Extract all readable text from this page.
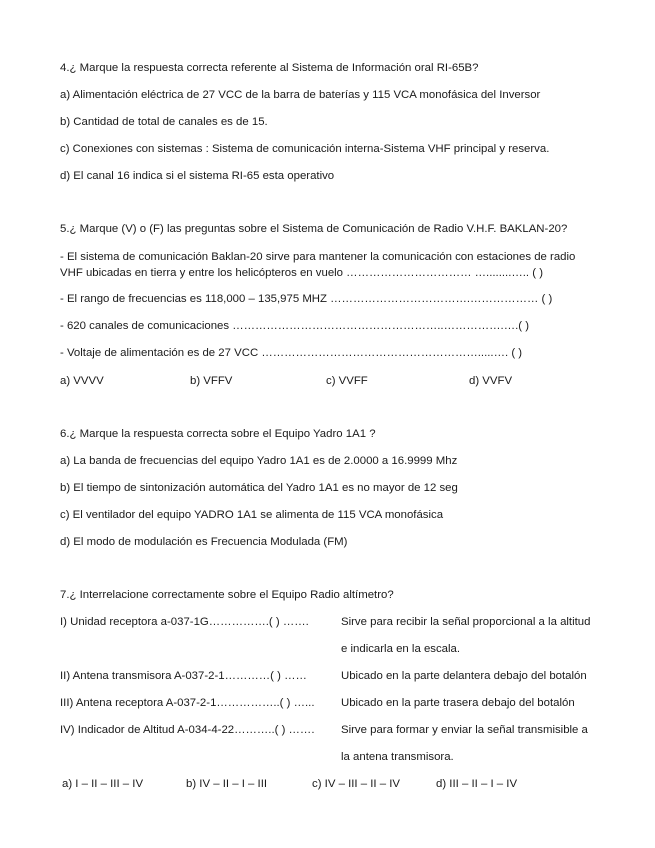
4.¿ Marque la respuesta correcta referente al Sistema de Información oral RI-65B?
a) Alimentación eléctrica de 27 VCC de la barra de baterías y 115 VCA monofásica del Inversor
b) Cantidad de total de canales es de 15.
c) Conexiones con sistemas : Sistema de comunicación interna-Sistema VHF principal y reserva.
d) El canal 16 indica si el sistema RI-65 esta operativo
5.¿ Marque (V) o (F) las preguntas sobre el Sistema de Comunicación de Radio V.H.F. BAKLAN-20?
- El sistema de comunicación Baklan-20 sirve para mantener la comunicación con estaciones de radio VHF ubicadas en tierra y entre los helicópteros en vuelo …………………………… …........….. ( )
- El rango de frecuencias es 118,000 – 135,975 MHZ ……………………………….……………… ( )
- 620 canales de comunicaciones ………………………………………………..…………….….( )
- Voltaje de alimentación es de 27 VCC ………………………………………………….....…. ( )
a) VVVV	b) VFFV	c) VVFF	d) VVFV
6.¿ Marque la respuesta correcta sobre el Equipo Yadro 1A1 ?
a) La banda de frecuencias del equipo Yadro 1A1 es de 2.0000 a 16.9999 Mhz
b) El tiempo de sintonización automática del Yadro 1A1 es no mayor de 12 seg
c) El ventilador del equipo YADRO 1A1 se alimenta de 115 VCA monofásica
d) El modo de modulación es Frecuencia Modulada (FM)
7.¿ Interrelacione correctamente sobre el Equipo Radio altímetro?
I) Unidad receptora a-037-1G…………….( ) …….	Sirve para recibir la señal proporcional a la altitud
e indicarla en la escala.
II) Antena transmisora A-037-2-1…………( ) ……	Ubicado en la parte delantera debajo del botalón
III) Antena receptora A-037-2-1……………..( ) …... Ubicado en la parte trasera debajo del botalón
IV) Indicador de Altitud A-034-4-22………..( ) ……. Sirve para formar y enviar la señal transmisible a
la antena transmisora.
a) I – II – III – IV	b) IV – II – I – III	c) IV – III – II – IV	d) III – II – I – IV
